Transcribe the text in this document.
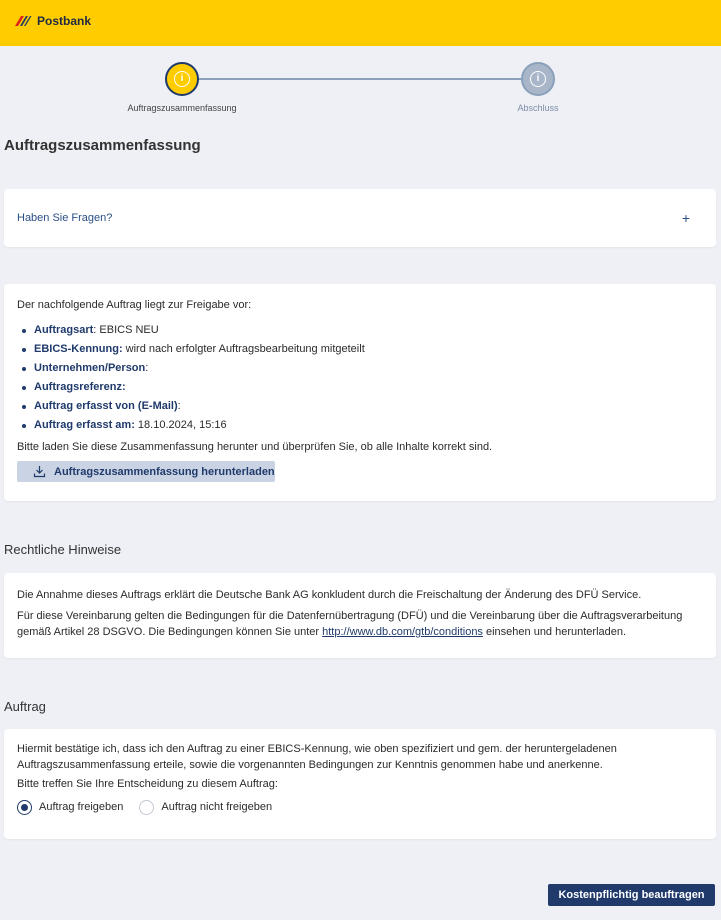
Postbank
i
Auftragszusammenfassung
i
Abschluss
Auftragszusammenfassung
Haben Sie Fragen?	+

Der nachfolgende Auftrag liegt zur Freigabe vor:

Auftragsart: EBICS NEU
EBICS-Kennung: wird nach erfolgter Auftragsbearbeitung mitgeteilt
Unternehmen/Person:
Auftragsreferenz:
Auftrag erfasst von (E-Mail):
Auftrag erfasst am: 18.10.2024, 15:16

Bitte laden Sie diese Zusammenfassung herunter und überprüfen Sie, ob alle Inhalte korrekt sind.

Auftragszusammenfassung herunterladen
Rechtliche Hinweise

Die Annahme dieses Auftrags erklärt die Deutsche Bank AG konkludent durch die Freischaltung der Änderung des DFÜ Service.

Für diese Vereinbarung gelten die Bedingungen für die Datenfernübertragung (DFÜ) und die Vereinbarung über die Auftragsverarbeitung gemäß Artikel 28 DSGVO. Die Bedingungen können Sie unter http://www.db.com/gtb/conditions einsehen und herunterladen.

Auftrag

Hiermit bestätige ich, dass ich den Auftrag zu einer EBICS-Kennung, wie oben spezifiziert und gem. der heruntergeladenen Auftragszusammenfassung erteile, sowie die vorgenannten Bedingungen zur Kenntnis genommen habe und anerkenne.

Bitte treffen Sie Ihre Entscheidung zu diesem Auftrag:

Auftrag freigeben	Auftrag nicht freigeben
Kostenpflichtig beauftragen
